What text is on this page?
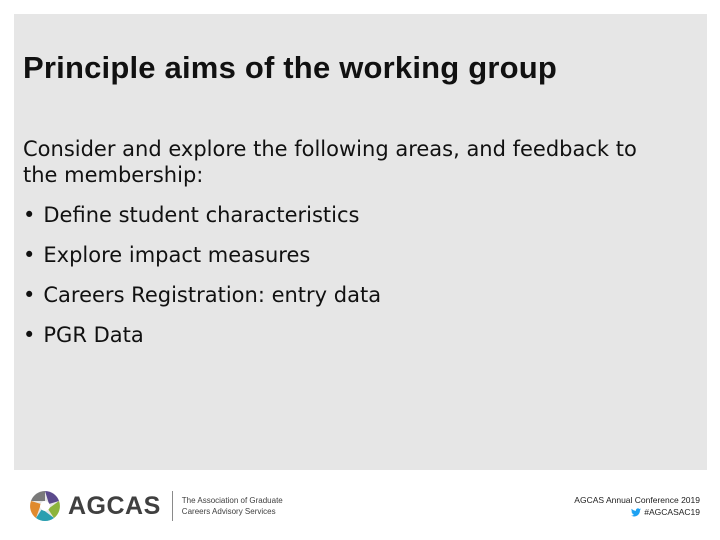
Principle aims of the working group

Consider and explore the following areas, and feedback to the membership:

• Define student characteristics
• Explore impact measures
• Careers Registration: entry data
• PGR Data
AGCAS	The Association of Graduate
Careers Advisory Services
AGCAS Annual Conference 2019
#AGCASAC19
